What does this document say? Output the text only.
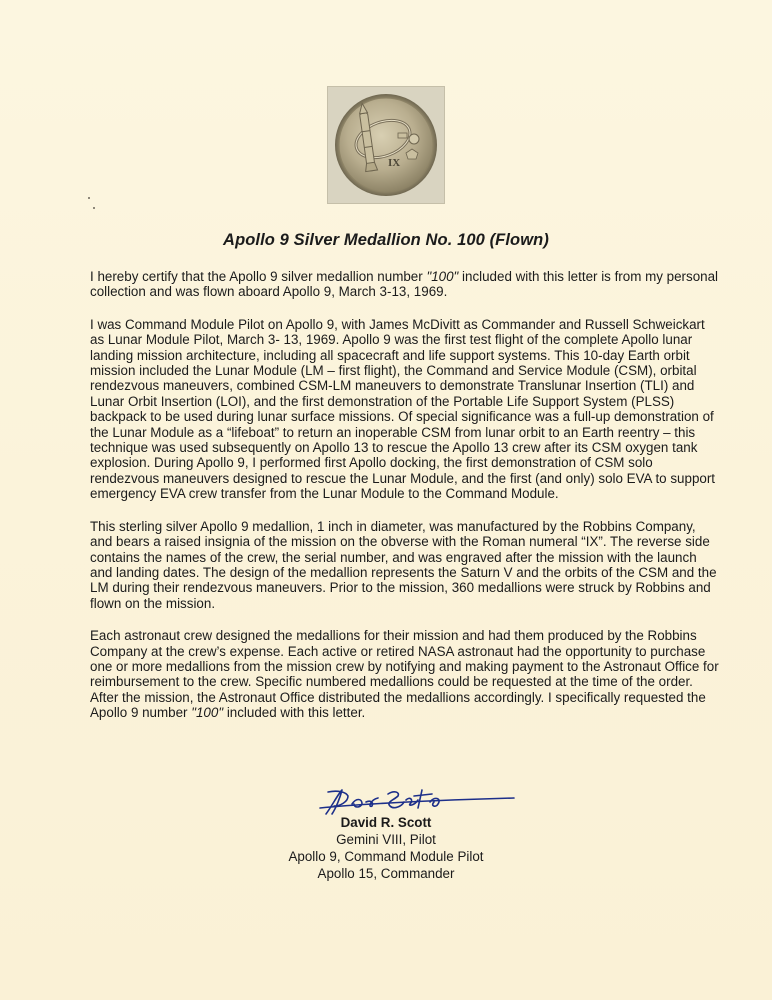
IX
Apollo 9 Silver Medallion No. 100 (Flown)

I hereby certify that the Apollo 9 silver medallion number "100" included with this letter is from my personal collection and was flown aboard Apollo 9, March 3-13, 1969.

I was Command Module Pilot on Apollo 9, with James McDivitt as Commander and Russell Schweickart as Lunar Module Pilot, March 3- 13, 1969. Apollo 9 was the first test flight of the complete Apollo lunar landing mission architecture, including all spacecraft and life support systems. This 10-day Earth orbit mission included the Lunar Module (LM – first flight), the Command and Service Module (CSM), orbital rendezvous maneuvers, combined CSM-LM maneuvers to demonstrate Translunar Insertion (TLI) and Lunar Orbit Insertion (LOI), and the first demonstration of the Portable Life Support System (PLSS) backpack to be used during lunar surface missions. Of special significance was a full-up demonstration of the Lunar Module as a “lifeboat” to return an inoperable CSM from lunar orbit to an Earth reentry – this technique was used subsequently on Apollo 13 to rescue the Apollo 13 crew after its CSM oxygen tank explosion. During Apollo 9, I performed first Apollo docking, the first demonstration of CSM solo rendezvous maneuvers designed to rescue the Lunar Module, and the first (and only) solo EVA to support emergency EVA crew transfer from the Lunar Module to the Command Module.

This sterling silver Apollo 9 medallion, 1 inch in diameter, was manufactured by the Robbins Company, and bears a raised insignia of the mission on the obverse with the Roman numeral “IX”. The reverse side contains the names of the crew, the serial number, and was engraved after the mission with the launch and landing dates. The design of the medallion represents the Saturn V and the orbits of the CSM and the LM during their rendezvous maneuvers. Prior to the mission, 360 medallions were struck by Robbins and flown on the mission.

Each astronaut crew designed the medallions for their mission and had them produced by the Robbins Company at the crew’s expense. Each active or retired NASA astronaut had the opportunity to purchase one or more medallions from the mission crew by notifying and making payment to the Astronaut Office for reimbursement to the crew. Specific numbered medallions could be requested at the time of the order. After the mission, the Astronaut Office distributed the medallions accordingly. I specifically requested the Apollo 9 number "100" included with this letter.

David R. Scott
Gemini VIII, Pilot
Apollo 9, Command Module Pilot
Apollo 15, Commander
